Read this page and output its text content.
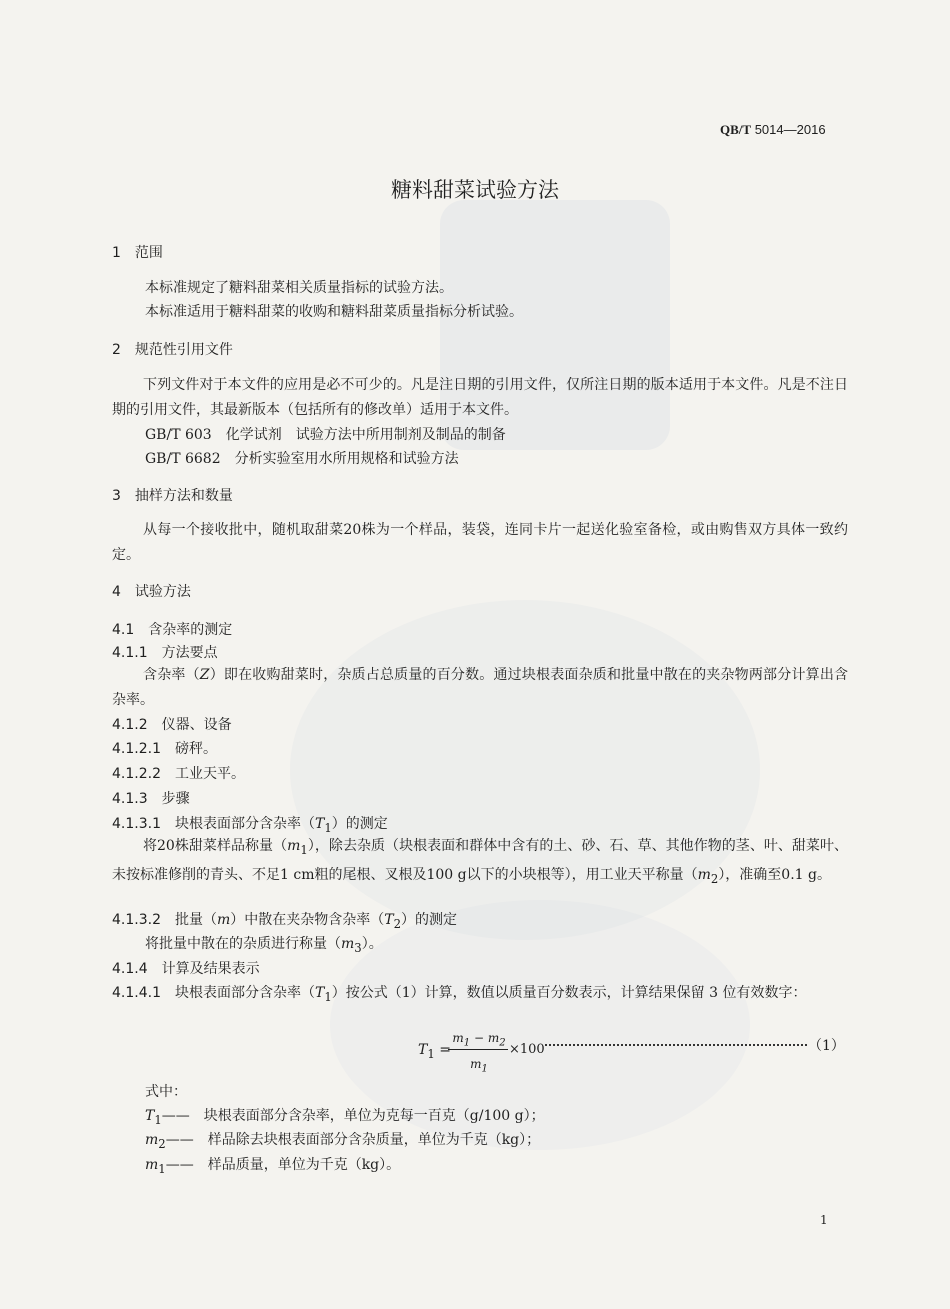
QB/T 5014—2016
糖料甜菜试验方法
1　 范围
本标准规定了糖料甜菜相关质量指标的试验方法。
本标准适用于糖料甜菜的收购和糖料甜菜质量指标分析试验。
2　 规范性引用文件
下列文件对于本文件的应用是必不可少的。凡是注日期的引用文件，仅所注日期的版本适用于本文件。凡是不注日期的引用文件，其最新版本（包括所有的修改单）适用于本文件。
GB/T 603　 化学试剂　试验方法中所用制剂及制品的制备
GB/T 6682　 分析实验室用水所用规格和试验方法
3　 抽样方法和数量
从每一个接收批中，随机取甜菜20株为一个样品，装袋，连同卡片一起送化验室备检，或由购售双方具体一致约定。
4　 试验方法
4.1　 含杂率的测定
4.1.1　 方法要点
含杂率（Z）即在收购甜菜时，杂质占总质量的百分数。通过块根表面杂质和批量中散在的夹杂物两部分计算出含杂率。
4.1.2　 仪器、设备
4.1.2.1　 磅秤。
4.1.2.2　 工业天平。
4.1.3　 步骤
4.1.3.1　 块根表面部分含杂率$(T_1)$的测定
将20株甜菜样品称量$(m_1)$，除去杂质（块根表面和群体中含有的土、砂、石、草、其他作物的茎、叶、甜菜叶、未按标准修削的青头、不足1 cm粗的尾根、叉根及100 g以下的小块根等），用工业天平称量$(m_2)$，准确至0.1 g。
4.1.3.2　 批量（m）中散在夹杂物含杂率$(T_2)$的测定
将批量中散在的杂质进行称量$(m_3)$。
4.1.4　 计算及结果表示
4.1.4.1　 块根表面部分含杂率$(T_1)$按公式（1）计算，数值以质量百分数表示，计算结果保留 3 位有效数字：
$T_1$ =
$m_1 - m_2$
$m_1$
×100	（1）
式中：
$T_1——$　 块根表面部分含杂率，单位为克每一百克（g/100 g）；
$m_2——$　 样品除去块根表面部分含杂质量，单位为千克（kg）；
$m_1——$　 样品质量，单位为千克（kg）。
1
